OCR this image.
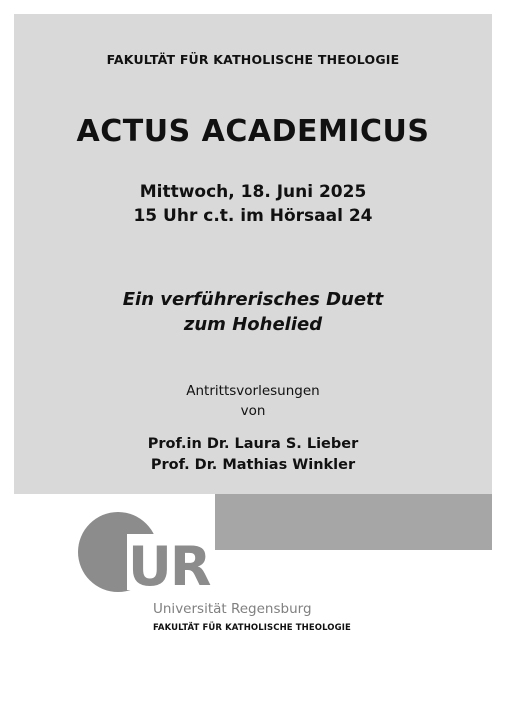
FAKULTÄT FÜR KATHOLISCHE THEOLOGIE
ACTUS ACADEMICUS
Mittwoch, 18. Juni 2025
15 Uhr c.t. im Hörsaal 24
Ein verführerisches Duett
zum Hohelied
Antrittsvorlesungen
von
Prof.in Dr. Laura S. Lieber
Prof. Dr. Mathias Winkler
UR
Universität Regensburg
FAKULTÄT FÜR KATHOLISCHE THEOLOGIE
